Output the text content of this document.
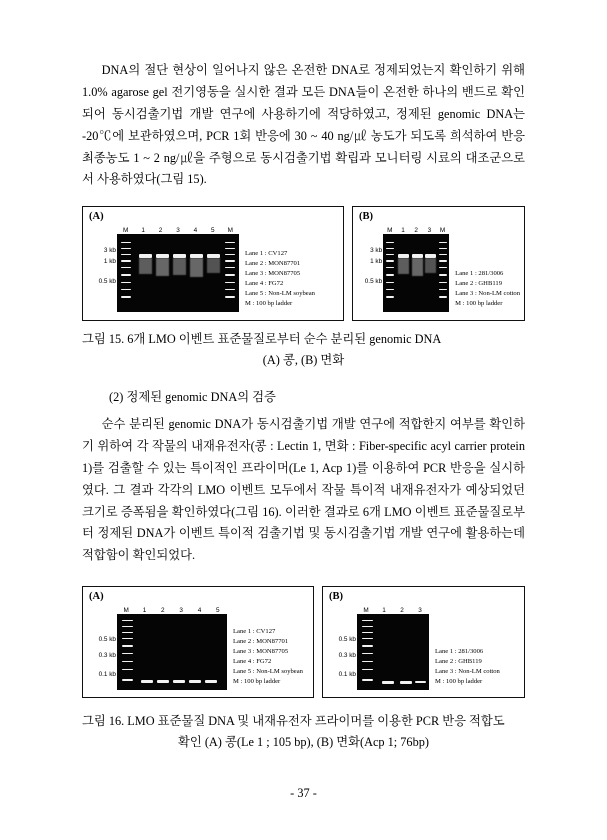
DNA의 절단 현상이 일어나지 않은 온전한 DNA로 정제되었는지 확인하기 위해 1.0% agarose gel 전기영동을 실시한 결과 모든 DNA들이 온전한 하나의 밴드로 확인되어 동시검출기법 개발 연구에 사용하기에 적당하였고, 정제된 genomic DNA는 -20℃에 보관하였으며, PCR 1회 반응에 30 ~ 40 ng/㎕ 농도가 되도록 희석하여 반응 최종농도 1 ~ 2 ng/㎕을 주형으로 동시검출기법 확립과 모니터링 시료의 대조군으로서 사용하였다(그림 15).
(A)
3 kb
1 kb
0.5 kb
M	1	2	3	4	5	M
Lane 1 : CV127
Lane 2 : MON87701
Lane 3 : MON87705
Lane 4 : FG72
Lane 5 : Non-LM soybean
M : 100 bp ladder
(B)
3 kb
1 kb
0.5 kb
M	1	2	3	M
Lane 1 : 281/3006
Lane 2 : GHB119
Lane 3 : Non-LM cotton
M : 100 bp ladder
그림 15. 6개 LMO 이벤트 표준물질로부터 순수 분리된 genomic DNA
(A) 콩, (B) 면화
(2) 정제된 genomic DNA의 검증
순수 분리된 genomic DNA가 동시검출기법 개발 연구에 적합한지 여부를 확인하기 위하여 각 작물의 내재유전자(콩 : Lectin 1, 면화 : Fiber-specific acyl carrier protein 1)를 검출할 수 있는 특이적인 프라이머(Le 1, Acp 1)를 이용하여 PCR 반응을 실시하였다. 그 결과 각각의 LMO 이벤트 모두에서 작물 특이적 내재유전자가 예상되었던 크기로 증폭됨을 확인하였다(그림 16). 이러한 결과로 6개 LMO 이벤트 표준물질로부터 정제된 DNA가 이벤트 특이적 검출기법 및 동시검출기법 개발 연구에 활용하는데 적합함이 확인되었다.
(A)
0.5 kb
0.3 kb
0.1 kb
M	1	2	3	4	5
Lane 1 : CV127
Lane 2 : MON87701
Lane 3 : MON87705
Lane 4 : FG72
Lane 5 : Non-LM soybean
M : 100 bp ladder
(B)
0.5 kb
0.3 kb
0.1 kb
M	1	2	3
Lane 1 : 281/3006
Lane 2 : GHB119
Lane 3 : Non-LM cotton
M : 100 bp ladder
그림 16. LMO 표준물질 DNA 및 내재유전자 프라이머를 이용한 PCR 반응 적합도
확인 (A) 콩(Le 1 ; 105 bp), (B) 면화(Acp 1; 76bp)
- 37 -
